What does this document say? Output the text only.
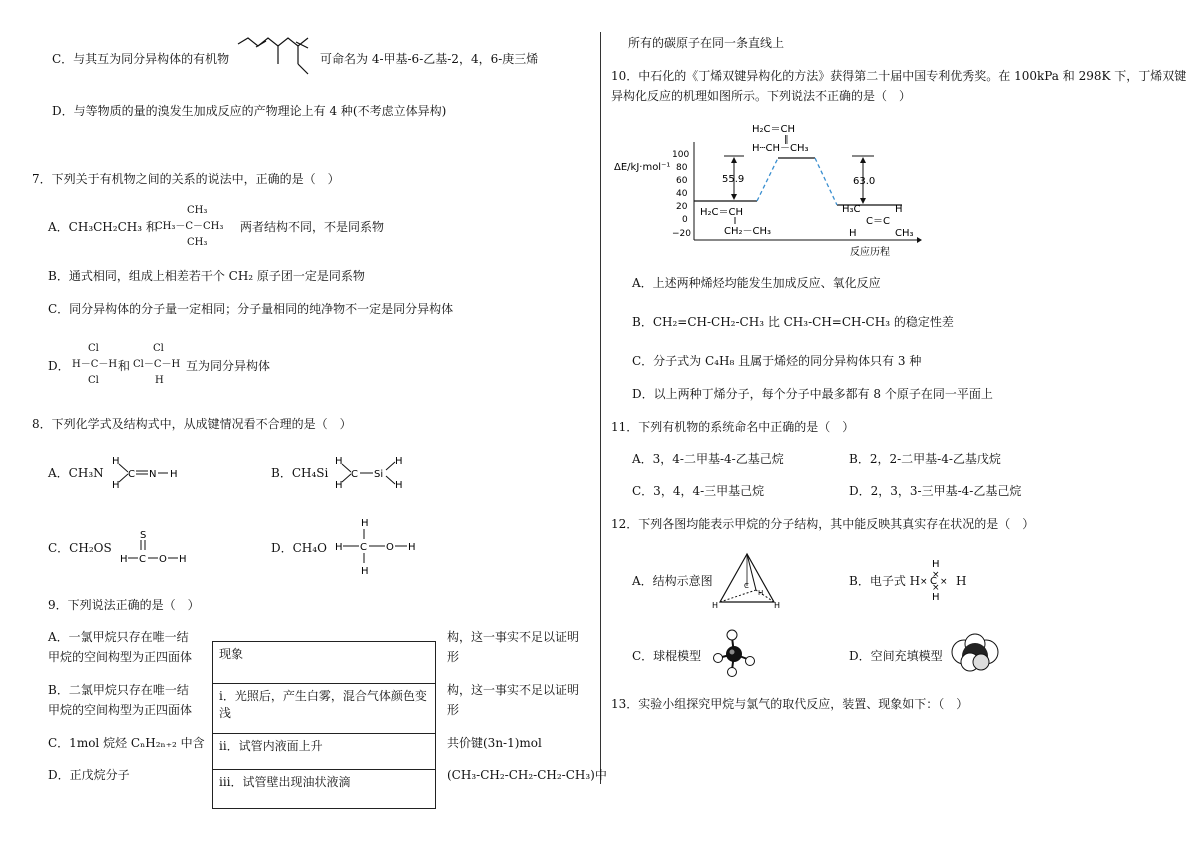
C．与其互为同分异构体的有机物	可命名为 4-甲基-6-乙基-2，4，6-庚三烯
D．与等物质的量的溴发生加成反应的产物理论上有 4 种(不考虑立体异构)
7．下列关于有机物之间的关系的说法中，正确的是（　）
A．CH₃CH₂CH₃ 和
CH₃
CH₃－C－CH₃
CH₃
两者结构不同，不是同系物
B．通式相同，组成上相差若干个 CH₂ 原子团一定是同系物
C．同分异构体的分子量一定相同；分子量相同的纯净物不一定是同分异构体
D．
Cl
H－C－H
Cl
和
Cl
Cl－C－H
H
互为同分异构体
8．下列化学式及结构式中，从成键情况看不合理的是（　）
A．CH₃N
H
H
C N H	B．CH₄Si
H
H
C Si
H
H
C．CH₂OS
S
H C O H
D．CH₄O
H
H C O H
H
9．下列说法正确的是（　）
A．一氯甲烷只存在唯一结
甲烷的空间构型为正四面体
构，这一事实不足以证明
形
B．二氯甲烷只存在唯一结
甲烷的空间构型为正四面体
构，这一事实不足以证明
形
C．1mol 烷烃 CₙH₂ₙ₊₂ 中含	共价键(3n-1)mol
D．正戊烷分子	(CH₃-CH₂-CH₂-CH₂-CH₃)中
现象
ⅰ．光照后，产生白雾，混合气体颜色变浅
ⅱ．试管内液面上升
ⅲ．试管壁出现油状液滴
所有的碳原子在同一条直线上
10．中石化的《丁烯双键异构化的方法》获得第二十届中国专利优秀奖。在 100kPa 和 298K 下，丁烯双键
异构化反应的机理如图所示。下列说法不正确的是（　）
ΔE/kJ·mol⁻¹
100
80
60
40
20
0
−20
55.9	63.0
H₂C＝CH
‖
H┄CH－CH₃
H₂C＝CH
CH₂－CH₃
H₃C
H
C＝C
H
CH₃
反应历程
A．上述两种烯烃均能发生加成反应、氧化反应
B．CH₂=CH-CH₂-CH₃ 比 CH₃-CH=CH-CH₃ 的稳定性差
C．分子式为 C₄H₈ 且属于烯烃的同分异构体只有 3 种
D．以上两种丁烯分子，每个分子中最多都有 8 个原子在同一平面上
11．下列有机物的系统命名中正确的是（　）
A．3，4-二甲基-4-乙基己烷	B．2，2-二甲基-4-乙基戊烷
C．3，4，4-三甲基己烷	D．2，3，3-三甲基-4-乙基己烷
12．下列各图均能表示甲烷的分子结构，其中能反映其真实存在状况的是（　）
A．结构示意图	C
H	H
H
B．电子式 H
H
×
× C ×
×
H
H
C．球棍模型	D．空间充填模型
13．实验小组探究甲烷与氯气的取代反应，装置、现象如下：（　）
